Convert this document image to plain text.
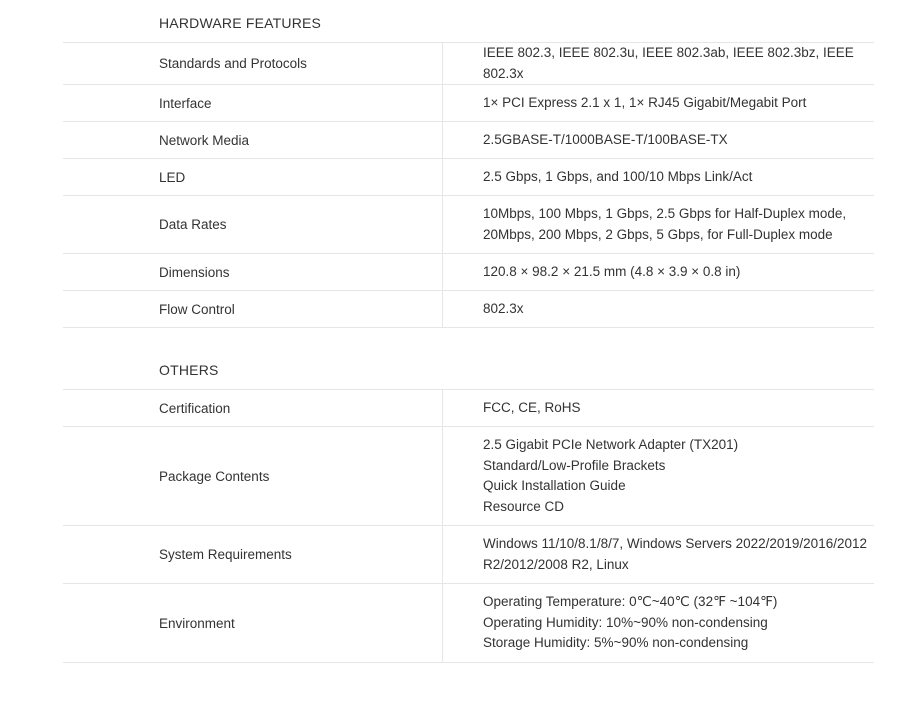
HARDWARE FEATURES
Standards and Protocols	IEEE 802.3, IEEE 802.3u, IEEE 802.3ab, IEEE 802.3bz, IEEE 802.3x

Interface	1× PCI Express 2.1 x 1, 1× RJ45 Gigabit/Megabit Port

Network Media	2.5GBASE-T/1000BASE-T/100BASE-TX

LED	2.5 Gbps, 1 Gbps, and 100/10 Mbps Link/Act

Data Rates	10Mbps, 100 Mbps, 1 Gbps, 2.5 Gbps for Half-Duplex mode,
20Mbps, 200 Mbps, 2 Gbps, 5 Gbps, for Full-Duplex mode

Dimensions	120.8 × 98.2 × 21.5 mm (4.8 × 3.9 × 0.8 in)

Flow Control	802.3x
OTHERS
Certification	FCC, CE, RoHS

Package Contents	2.5 Gigabit PCIe Network Adapter (TX201)
Standard/Low-Profile Brackets
Quick Installation Guide
Resource CD

System Requirements	Windows 11/10/8.1/8/7, Windows Servers 2022/2019/2016/2012
R2/2012/2008 R2, Linux

Environment	Operating Temperature: 0℃~40℃ (32℉ ~104℉)
Operating Humidity: 10%~90% non-condensing
Storage Humidity: 5%~90% non-condensing
